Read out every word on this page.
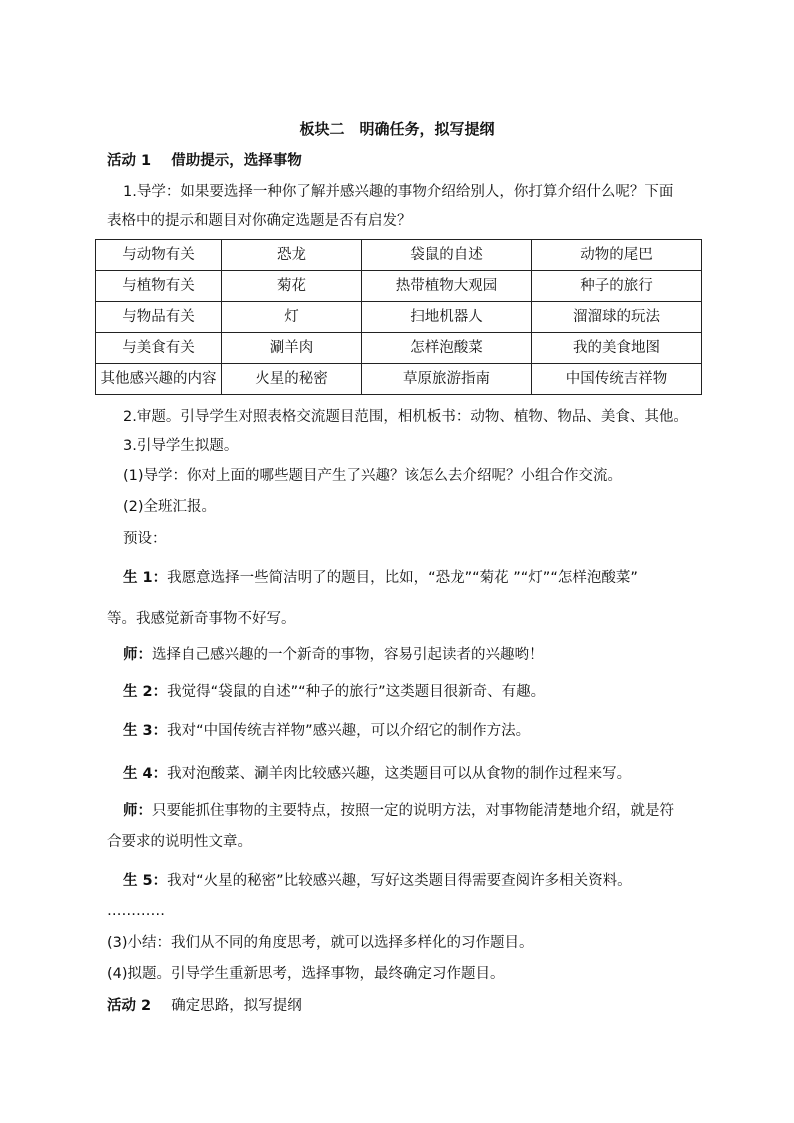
板块二　明确任务，拟写提纲
活动 1 借助提示，选择事物
1.导学：如果要选择一种你了解并感兴趣的事物介绍给别人，你打算介绍什么呢？下面
表格中的提示和题目对你确定选题是否有启发？
与动物有关	恐龙	袋鼠的自述	动物的尾巴
与植物有关	菊花	热带植物大观园	种子的旅行
与物品有关	灯	扫地机器人	溜溜球的玩法
与美食有关	涮羊肉	怎样泡酸菜	我的美食地图
其他感兴趣的内容	火星的秘密	草原旅游指南	中国传统吉祥物
2.审题。引导学生对照表格交流题目范围，相机板书：动物、植物、物品、美食、其他。
3.引导学生拟题。
(1)导学：你对上面的哪些题目产生了兴趣？该怎么去介绍呢？小组合作交流。
(2)全班汇报。
预设：
生 1：我愿意选择一些简洁明了的题目，比如，“恐龙”“菊花 ”“灯”“怎样泡酸菜”
等。我感觉新奇事物不好写。
师：选择自己感兴趣的一个新奇的事物，容易引起读者的兴趣哟！
生 2：我觉得“袋鼠的自述”“种子的旅行”这类题目很新奇、有趣。
生 3：我对“中国传统吉祥物”感兴趣，可以介绍它的制作方法。
生 4：我对泡酸菜、涮羊肉比较感兴趣，这类题目可以从食物的制作过程来写。
师：只要能抓住事物的主要特点，按照一定的说明方法，对事物能清楚地介绍，就是符
合要求的说明性文章。
生 5：我对“火星的秘密”比较感兴趣，写好这类题目得需要查阅许多相关资料。
…………
(3)小结：我们从不同的角度思考，就可以选择多样化的习作题目。
(4)拟题。引导学生重新思考，选择事物，最终确定习作题目。
活动 2 确定思路，拟写提纲
